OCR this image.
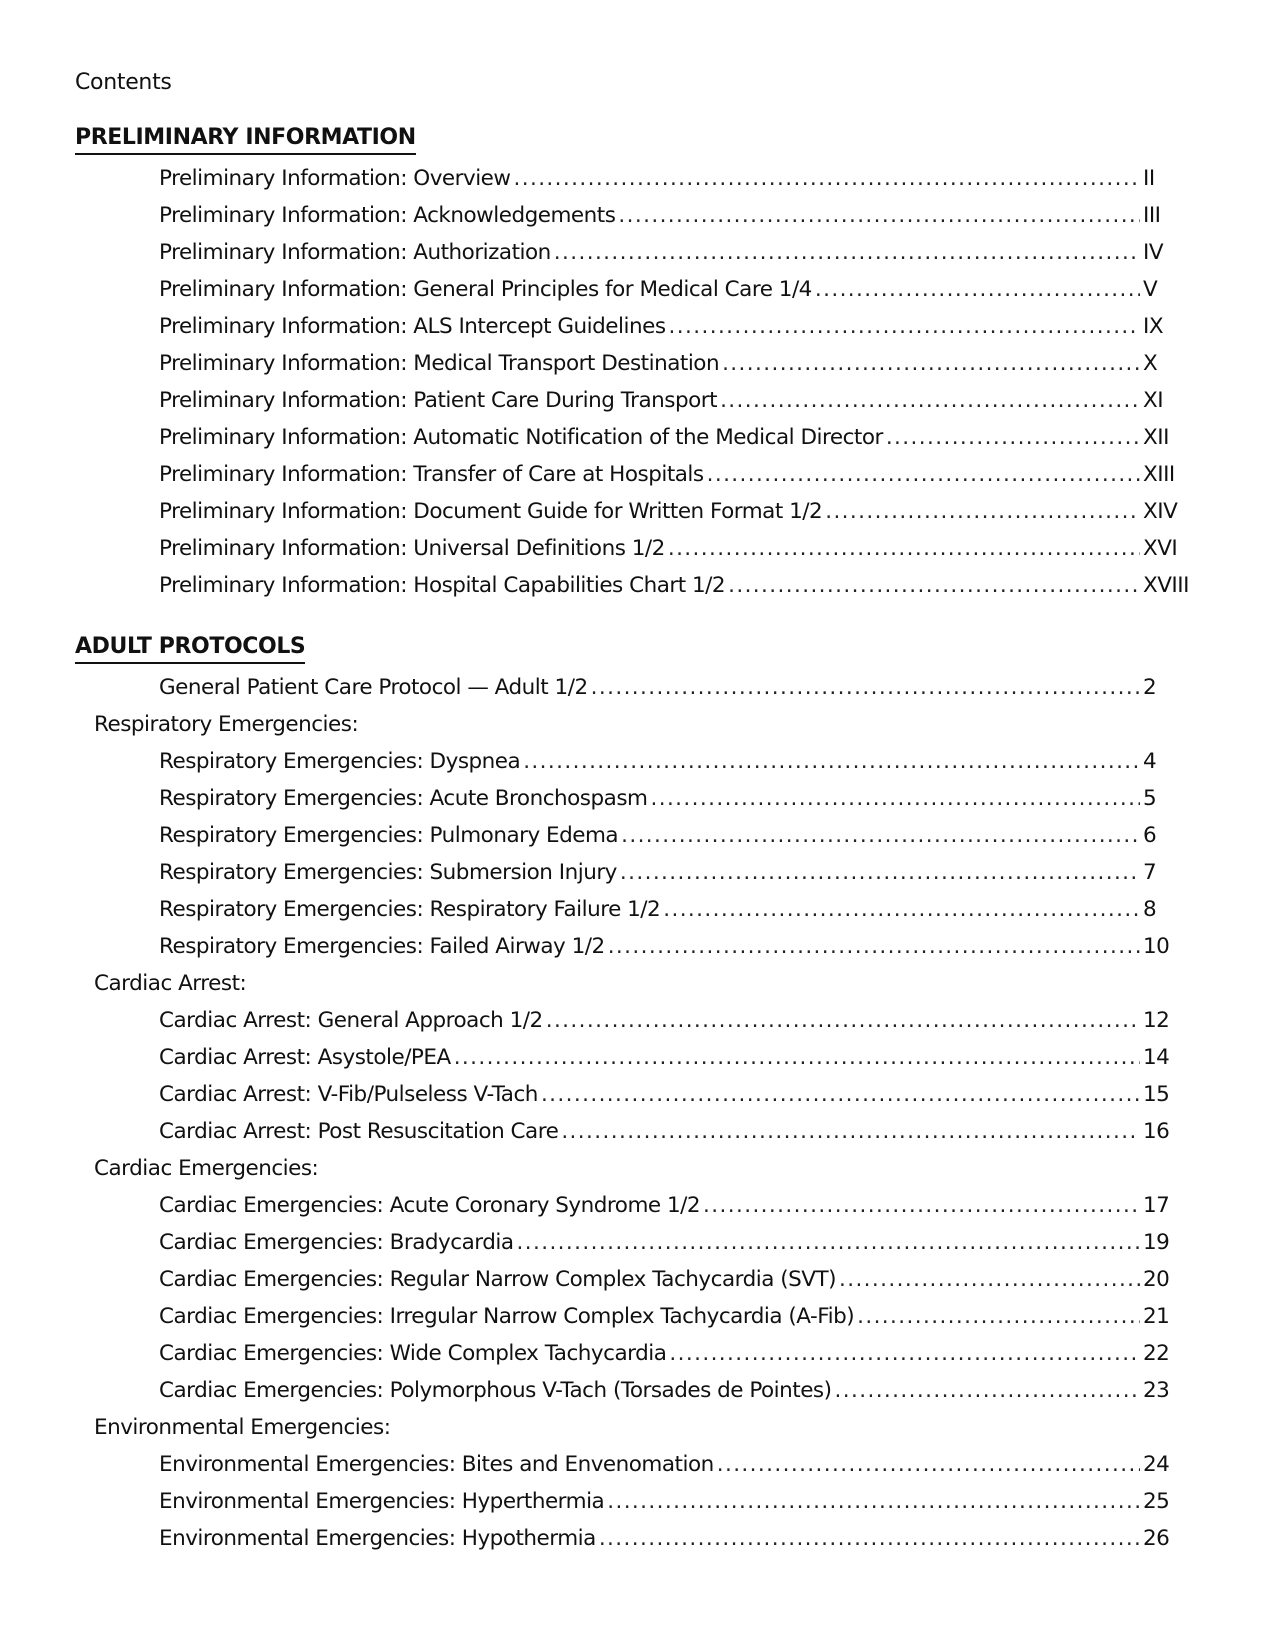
Contents
PRELIMINARY INFORMATION
Preliminary Information: Overview .....	II
Preliminary Information: Acknowledgements .....	III
Preliminary Information: Authorization .....	IV
Preliminary Information: General Principles for Medical Care 1/4 .....	V
Preliminary Information: ALS Intercept Guidelines .....	IX
Preliminary Information: Medical Transport Destination .....	X
Preliminary Information: Patient Care During Transport .....	XI
Preliminary Information: Automatic Notification of the Medical Director .....	XII
Preliminary Information: Transfer of Care at Hospitals .....	XIII
Preliminary Information: Document Guide for Written Format 1/2 .....	XIV
Preliminary Information: Universal Definitions 1/2 .....	XVI
Preliminary Information: Hospital Capabilities Chart 1/2 .....	XVIII
ADULT PROTOCOLS
General Patient Care Protocol — Adult 1/2 .....	2
Respiratory Emergencies:
Respiratory Emergencies: Dyspnea .....	4
Respiratory Emergencies: Acute Bronchospasm .....	5
Respiratory Emergencies: Pulmonary Edema .....	6
Respiratory Emergencies: Submersion Injury .....	7
Respiratory Emergencies: Respiratory Failure 1/2 .....	8
Respiratory Emergencies: Failed Airway 1/2 .....	10
Cardiac Arrest:
Cardiac Arrest: General Approach 1/2 .....	12
Cardiac Arrest: Asystole/PEA .....	14
Cardiac Arrest: V-Fib/Pulseless V-Tach .....	15
Cardiac Arrest: Post Resuscitation Care .....	16
Cardiac Emergencies:
Cardiac Emergencies: Acute Coronary Syndrome 1/2 .....	17
Cardiac Emergencies: Bradycardia .....	19
Cardiac Emergencies: Regular Narrow Complex Tachycardia (SVT) .....	20
Cardiac Emergencies: Irregular Narrow Complex Tachycardia (A-Fib) .....	21
Cardiac Emergencies: Wide Complex Tachycardia .....	22
Cardiac Emergencies: Polymorphous V-Tach (Torsades de Pointes) .....	23
Environmental Emergencies:
Environmental Emergencies: Bites and Envenomation .....	24
Environmental Emergencies: Hyperthermia .....	25
Environmental Emergencies: Hypothermia .....	26
